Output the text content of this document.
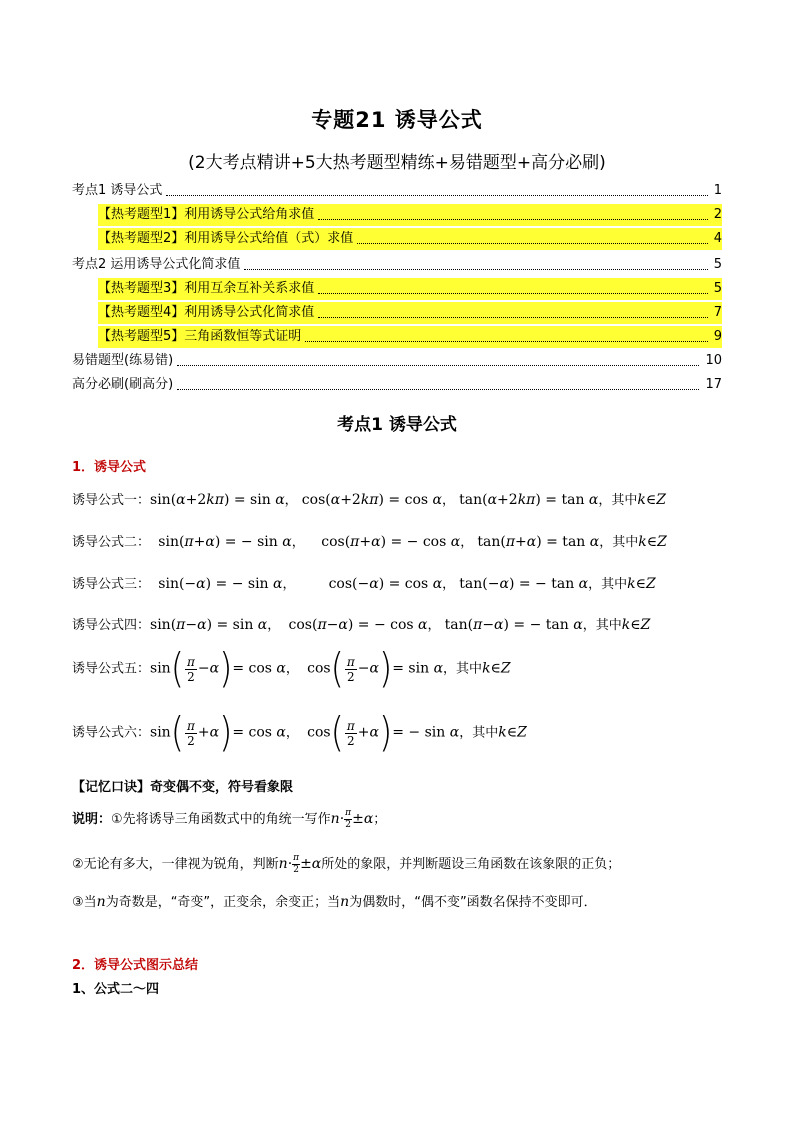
专题21 诱导公式
(2大考点精讲+5大热考题型精练+易错题型+高分必刷)
考点1 诱导公式	1
【热考题型1】利用诱导公式给角求值	2
【热考题型2】利用诱导公式给值（式）求值	4
考点2 运用诱导公式化简求值	5
【热考题型3】利用互余互补关系求值	5
【热考题型4】利用诱导公式化简求值	7
【热考题型5】三角函数恒等式证明	9
易错题型(练易错)	10
高分必刷(刷高分)	17
考点1 诱导公式
1．诱导公式
诱导公式一：sin(α+2kπ) = sin α， cos(α+2kπ) = cos α， tan(α+2kπ) = tan α，其中k∈Z
诱导公式二： sin(π+α) = − sin α，    cos(π+α) = − cos α， tan(π+α) = tan α，其中k∈Z
诱导公式三： sin(−α) = − sin α，        cos(−α) = cos α， tan(−α) = − tan α，其中k∈Z
诱导公式四：sin(π−α) = sin α，  cos(π−α) = − cos α， tan(π−α) = − tan α，其中k∈Z
诱导公式五：$\sin( \frac{\pi}{2} -\alpha)= \cos \alpha$，  $\cos( \frac{\pi}{2} -\alpha)= \sin \alpha$，其中k∈Z
诱导公式六：$\sin( \frac{\pi}{2} +\alpha)= \cos \alpha$，  $\cos( \frac{\pi}{2} +\alpha)= - \sin \alpha$，其中k∈Z
【记忆口诀】奇变偶不变，符号看象限
说明：①先将诱导三角函数式中的角统一写作$n\cdot \frac{\pi}{2} \pm\alpha$；
②无论有多大，一律视为锐角，判断$n\cdot \frac{\pi}{2} \pm\alpha$所处的象限，并判断题设三角函数在该象限的正负；
③当n为奇数是，“奇变”，正变余，余变正；当n为偶数时，“偶不变”函数名保持不变即可．
2．诱导公式图示总结
1、公式二～四
